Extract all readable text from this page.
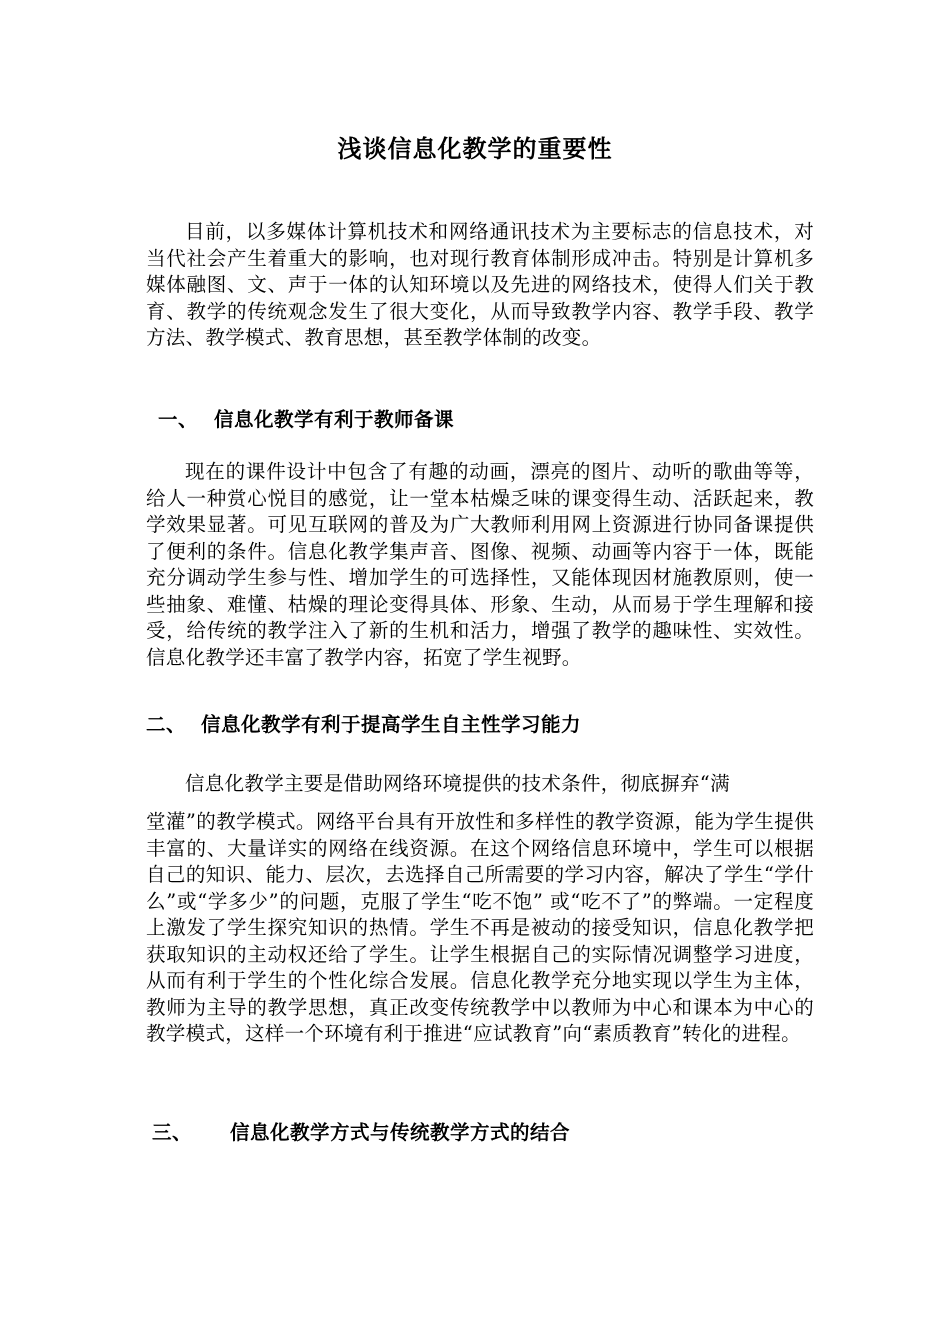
浅谈信息化教学的重要性

目前，以多媒体计算机技术和网络通讯技术为主要标志的信息技术，对当代社会产生着重大的影响，也对现行教育体制形成冲击。特别是计算机多媒体融图、文、声于一体的认知环境以及先进的网络技术，使得人们关于教育、教学的传统观念发生了很大变化，从而导致教学内容、教学手段、教学方法、教学模式、教育思想，甚至教学体制的改变。

一、 信息化教学有利于教师备课

现在的课件设计中包含了有趣的动画，漂亮的图片、动听的歌曲等等，给人一种赏心悦目的感觉，让一堂本枯燥乏味的课变得生动、活跃起来，教学效果显著。可见互联网的普及为广大教师利用网上资源进行协同备课提供了便利的条件。信息化教学集声音、图像、视频、动画等内容于一体，既能充分调动学生参与性、增加学生的可选择性，又能体现因材施教原则，使一些抽象、难懂、枯燥的理论变得具体、形象、生动，从而易于学生理解和接受，给传统的教学注入了新的生机和活力，增强了教学的趣味性、实效性。信息化教学还丰富了教学内容，拓宽了学生视野。

二、 信息化教学有利于提高学生自主性学习能力

信息化教学主要是借助网络环境提供的技术条件，彻底摒弃“满

堂灌”的教学模式。网络平台具有开放性和多样性的教学资源，能为学生提供丰富的、大量详实的网络在线资源。在这个网络信息环境中，学生可以根据自己的知识、能力、层次，去选择自己所需要的学习内容，解决了学生“学什么”或“学多少”的问题，克服了学生“吃不饱” 或“吃不了”的弊端。一定程度上激发了学生探究知识的热情。学生不再是被动的接受知识，信息化教学把获取知识的主动权还给了学生。让学生根据自己的实际情况调整学习进度，从而有利于学生的个性化综合发展。信息化教学充分地实现以学生为主体，教师为主导的教学思想，真正改变传统教学中以教师为中心和课本为中心的教学模式，这样一个环境有利于推进“应试教育”向“素质教育”转化的进程。

三、 信息化教学方式与传统教学方式的结合
